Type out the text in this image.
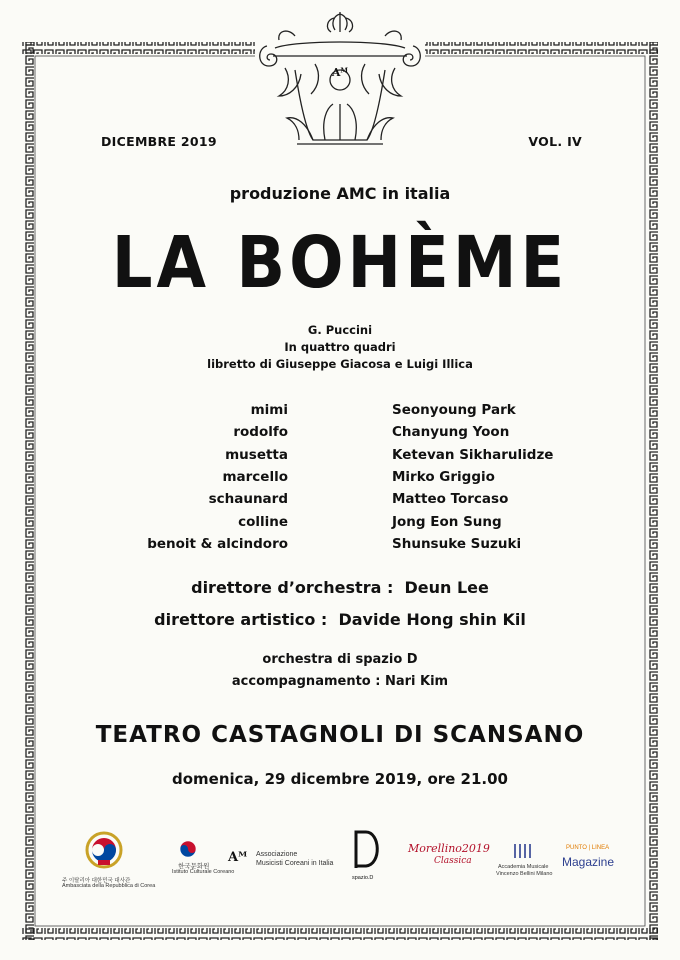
Aᴹ
DICEMBRE 2019	VOL. IV
produzione AMC in italia
LA BOHÈME
G. Puccini
In quattro quadri
libretto di Giuseppe Giacosa e Luigi Illica
mimi	Seonyoung Park
rodolfo	Chanyung Yoon
musetta	Ketevan Sikharulidze
marcello	Mirko Griggio
schaunard	Matteo Torcaso
colline	Jong Eon Sung
benoit & alcindoro	Shunsuke Suzuki
direttore d’orchestra :  Deun Lee
direttore artistico :  Davide Hong shin Kil
orchestra di spazio D
accompagnamento : Nari Kim
TEATRO CASTAGNOLI DI SCANSANO
domenica, 29 dicembre 2019, ore 21.00
주 이탈리아 대한민국 대사관
Ambasciata della Repubblica di Corea
한국문화원
Istituto Culturale Coreano
Aᴹ Associazione
Musicisti Coreani in Italia
spazio.D
Morellino2019
Classica
Accademia Musicale
Vincenzo Bellini Milano
PUNTO | LINEA
Magazine
